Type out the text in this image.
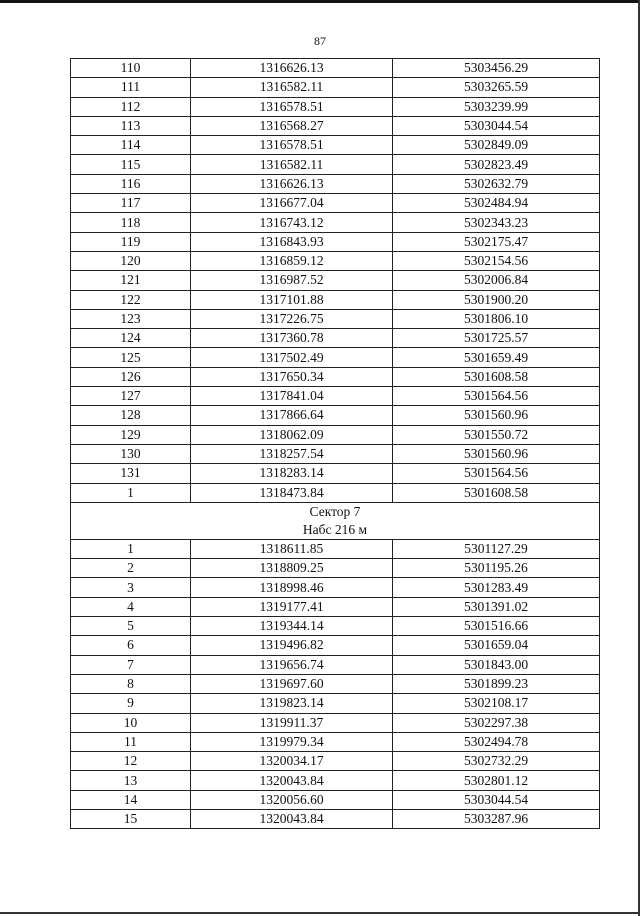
87
110	1316626.13	5303456.29
111	1316582.11	5303265.59
112	1316578.51	5303239.99
113	1316568.27	5303044.54
114	1316578.51	5302849.09
115	1316582.11	5302823.49
116	1316626.13	5302632.79
117	1316677.04	5302484.94
118	1316743.12	5302343.23
119	1316843.93	5302175.47
120	1316859.12	5302154.56
121	1316987.52	5302006.84
122	1317101.88	5301900.20
123	1317226.75	5301806.10
124	1317360.78	5301725.57
125	1317502.49	5301659.49
126	1317650.34	5301608.58
127	1317841.04	5301564.56
128	1317866.64	5301560.96
129	1318062.09	5301550.72
130	1318257.54	5301560.96
131	1318283.14	5301564.56
1	1318473.84	5301608.58

Сектор 7
Набс 216 м		

1	1318611.85	5301127.29
2	1318809.25	5301195.26
3	1318998.46	5301283.49
4	1319177.41	5301391.02
5	1319344.14	5301516.66
6	1319496.82	5301659.04
7	1319656.74	5301843.00
8	1319697.60	5301899.23
9	1319823.14	5302108.17
10	1319911.37	5302297.38
11	1319979.34	5302494.78
12	1320034.17	5302732.29
13	1320043.84	5302801.12
14	1320056.60	5303044.54
15	1320043.84	5303287.96
